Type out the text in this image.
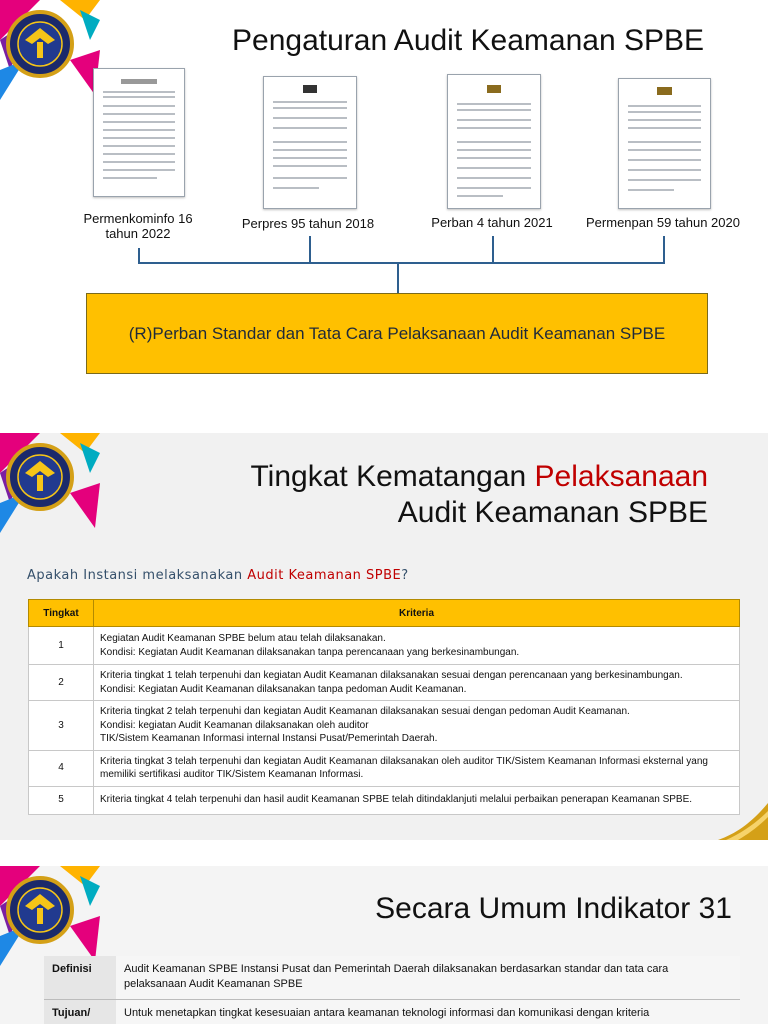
Pengaturan Audit Keamanan SPBE
Permenkominfo 16 tahun 2022
Perpres 95 tahun 2018	Perban 4 tahun 2021	Permenpan 59 tahun 2020
(R)Perban Standar dan Tata Cara Pelaksanaan Audit Keamanan SPBE
Tingkat Kematangan Pelaksanaan
Audit Keamanan SPBE
Apakah Instansi melaksanakan Audit Keamanan SPBE?
Tingkat	Kriteria
1	Kegiatan Audit Keamanan SPBE belum atau telah dilaksanakan.
Kondisi: Kegiatan Audit Keamanan dilaksanakan tanpa perencanaan yang berkesinambungan.

2	Kriteria tingkat 1 telah terpenuhi dan kegiatan Audit Keamanan dilaksanakan sesuai dengan perencanaan yang berkesinambungan.
Kondisi: Kegiatan Audit Keamanan dilaksanakan tanpa pedoman Audit Keamanan.

3	Kriteria tingkat 2 telah terpenuhi dan kegiatan Audit Keamanan dilaksanakan sesuai dengan pedoman Audit Keamanan.
Kondisi: kegiatan Audit Keamanan dilaksanakan oleh auditor
TIK/Sistem Keamanan Informasi internal Instansi Pusat/Pemerintah Daerah.

4	Kriteria tingkat 3 telah terpenuhi dan kegiatan Audit Keamanan dilaksanakan oleh auditor TIK/Sistem Keamanan Informasi eksternal yang
memiliki sertifikasi auditor TIK/Sistem Keamanan Informasi.

5	Kriteria tingkat 4 telah terpenuhi dan hasil audit Keamanan SPBE telah ditindaklanjuti melalui perbaikan penerapan Keamanan SPBE.
Secara Umum Indikator 31
Definisi	Audit Keamanan SPBE Instansi Pusat dan Pemerintah Daerah dilaksanakan berdasarkan standar dan tata cara
pelaksanaan Audit Keamanan SPBE

Tujuan/	Untuk menetapkan tingkat kesesuaian antara keamanan teknologi informasi dan komunikasi dengan kriteria
